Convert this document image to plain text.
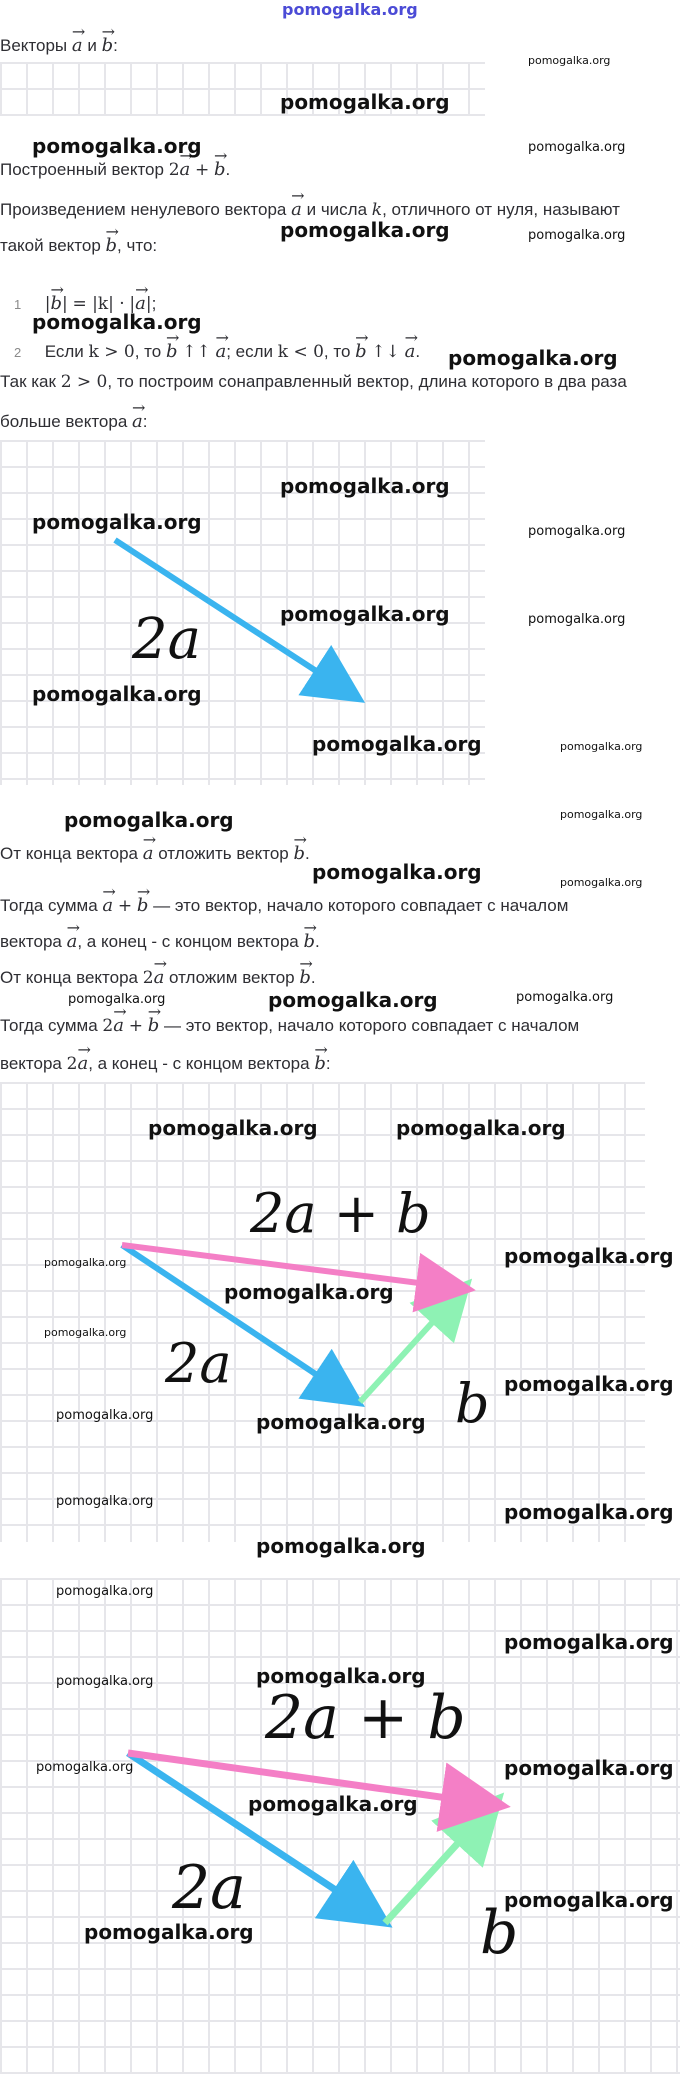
pomogalka.org
Векторы → a и → b:
Построенный вектор 2→ a + → b.
Произведением ненулевого вектора → a и числа k, отличного от нуля, называют
такой вектор → b, что:
1 |→ b| = |k| · |→ a|;
2 Если k > 0, то → b ↑↑ → a; если k < 0, то → b ↑↓ → a.
Так как 2 > 0, то построим сонаправленный вектор, длина которого в два раза
больше вектора → a:
2a
От конца вектора → a отложить вектор → b.
Тогда сумма → a + → b — это вектор, начало которого совпадает с началом
вектора → a, а конец - с концом вектора → b.
От конца вектора 2→ a отложим вектор → b.
Тогда сумма 2→ a + → b — это вектор, начало которого совпадает с началом
вектора 2→ a, а конец - с концом вектора → b:
2a + b
2a
b
2a + b
2a
b
pomogalka.org
pomogalka.org
pomogalka.org	pomogalka.org
pomogalka.org	pomogalka.org
pomogalka.org
pomogalka.org
pomogalka.org
pomogalka.org	pomogalka.org
pomogalka.org	pomogalka.org
pomogalka.org
pomogalka.org	pomogalka.org
pomogalka.org	pomogalka.org
pomogalka.org	pomogalka.org
pomogalka.org	pomogalka.org	pomogalka.org
pomogalka.org	pomogalka.org
pomogalka.org	pomogalka.org
pomogalka.org
pomogalka.org
pomogalka.org
pomogalka.org
pomogalka.org
pomogalka.org	pomogalka.org
pomogalka.org
pomogalka.org
pomogalka.org
pomogalka.org
pomogalka.org
pomogalka.org	pomogalka.org
pomogalka.org
pomogalka.org
pomogalka.org
